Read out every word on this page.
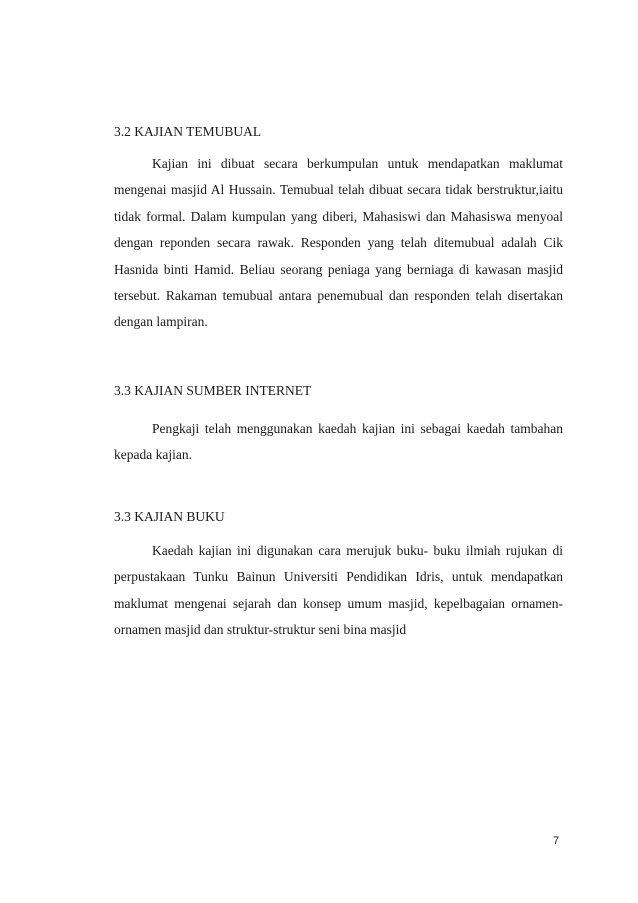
3.2 KAJIAN TEMUBUAL

Kajian ini dibuat secara berkumpulan untuk mendapatkan maklumat mengenai masjid Al Hussain. Temubual telah dibuat secara tidak berstruktur,iaitu tidak formal. Dalam kumpulan yang diberi, Mahasiswi dan Mahasiswa menyoal dengan reponden secara rawak. Responden yang telah ditemubual adalah Cik Hasnida binti Hamid. Beliau seorang peniaga yang berniaga di kawasan masjid tersebut. Rakaman temubual antara penemubual dan responden telah disertakan dengan lampiran.

3.3 KAJIAN SUMBER INTERNET

Pengkaji telah menggunakan kaedah kajian ini sebagai kaedah tambahan kepada kajian.

3.3 KAJIAN BUKU

Kaedah kajian ini digunakan cara merujuk buku- buku ilmiah rujukan di perpustakaan Tunku Bainun Universiti Pendidikan Idris, untuk mendapatkan maklumat mengenai sejarah dan konsep umum masjid, kepelbagaian ornamen- ornamen masjid dan struktur-struktur seni bina masjid

7
